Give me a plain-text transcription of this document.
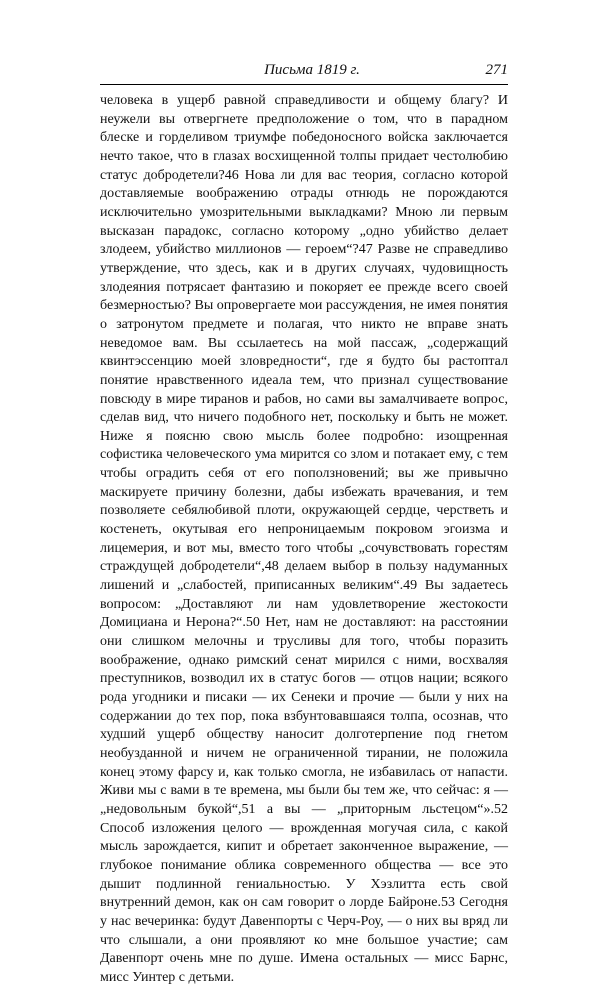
Письма 1819 г.	271

человека в ущерб равной справедливости и общему благу? И неужели вы отвергнете предположение о том, что в парадном блеске и горделивом триумфе победоносного войска заключается нечто такое, что в глазах восхищенной толпы придает честолюбию статус добродетели?46 Нова ли для вас теория, согласно которой доставляемые воображению отрады отнюдь не порождаются исключительно умозрительными выкладками? Мною ли первым высказан парадокс, согласно которому „одно убийство делает злодеем, убийство миллионов — героем“?47 Разве не справедливо утверждение, что здесь, как и в других случаях, чудовищность злодеяния потрясает фантазию и покоряет ее прежде всего своей безмерностью? Вы опровергаете мои рассуждения, не имея понятия о затронутом предмете и полагая, что никто не вправе знать неведомое вам. Вы ссылаетесь на мой пассаж, „содержащий квинтэссенцию моей зловредности“, где я будто бы растоптал понятие нравственного идеала тем, что признал существование повсюду в мире тиранов и рабов, но сами вы замалчиваете вопрос, сделав вид, что ничего подобного нет, поскольку и быть не может. Ниже я поясню свою мысль более подробно: изощренная софистика человеческого ума мирится со злом и потакает ему, с тем чтобы оградить себя от его поползновений; вы же привычно маскируете причину болезни, дабы избежать врачевания, и тем позволяете себялюбивой плоти, окружающей сердце, черстветь и костенеть, окутывая его непроницаемым покровом эгоизма и лицемерия, и вот мы, вместо того чтобы „сочувствовать горестям страждущей добродетели“,48 делаем выбор в пользу надуманных лишений и „слабостей, приписанных великим“.49 Вы задаетесь вопросом: „Доставляют ли нам удовлетворение жестокости Домициана и Нерона?“.50 Нет, нам не доставляют: на расстоянии они слишком мелочны и трусливы для того, чтобы поразить воображение, однако римский сенат мирился с ними, восхваляя преступников, возводил их в статус богов — отцов нации; всякого рода угодники и писаки — их Сенеки и прочие — были у них на содержании до тех пор, пока взбунтовавшаяся толпа, осознав, что худший ущерб обществу наносит долготерпение под гнетом необузданной и ничем не ограниченной тирании, не положила конец этому фарсу и, как только смогла, не избавилась от напасти. Живи мы с вами в те времена, мы были бы тем же, что сейчас: я — „недовольным букой“,51 а вы — „приторным льстецом“».52 Способ изложения целого — врожденная могучая сила, с какой мысль зарождается, кипит и обретает законченное выражение, — глубокое понимание облика современного общества — все это дышит подлинной гениальностью. У Хэзлитта есть свой внутренний демон, как он сам говорит о лорде Байроне.53 Сегодня у нас вечеринка: будут Давенпорты с Черч-Роу, — о них вы вряд ли что слышали, а они проявляют ко мне большое участие; сам Давенпорт очень мне по душе. Имена остальных — мисс Барнс, мисс Уинтер с детьми.
